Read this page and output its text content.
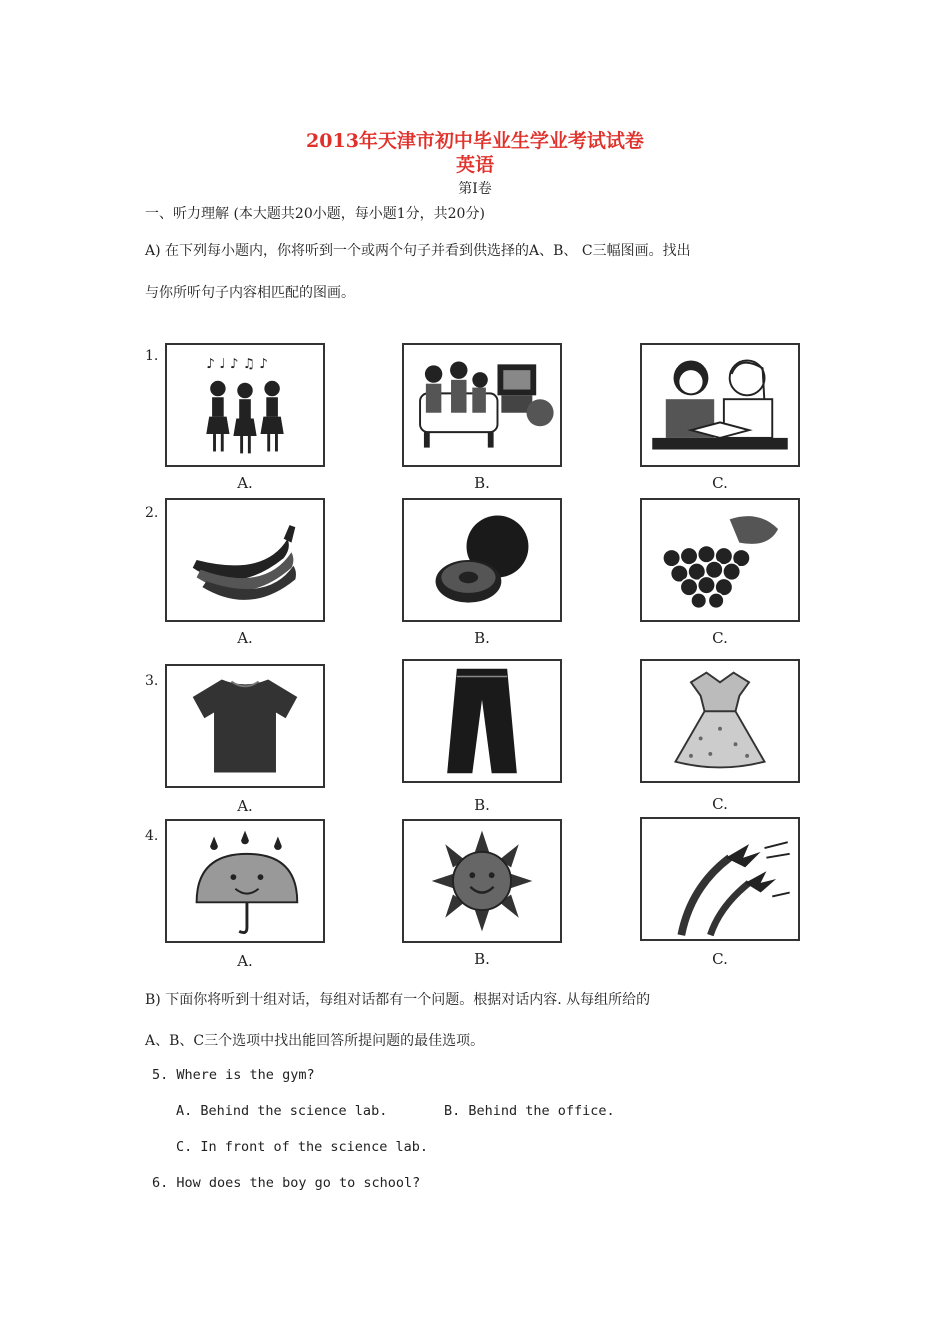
2013年天津市初中毕业生学业考试试卷
英语
第I卷
一、听力理解 (本大题共20小题，每小题1分，共20分)
A) 在下列每小题内，你将听到一个或两个句子并看到供选择的A、B、 C三幅图画。找出
与你所听句子内容相匹配的图画。
1.
♪ ♩ ♪ ♫ ♪
A.	B.	C.
2.
A.	B.	C.
3.
A.	B.	C.
4.
A.	B.	C.
B) 下面你将听到十组对话，每组对话都有一个问题。根据对话内容. 从每组所给的
A、B、C三个选项中找出能回答所提问题的最佳选项。
5. Where is the gym?
A. Behind the science lab.	B. Behind the office.
C. In front of the science lab.
6. How does the boy go to school?
